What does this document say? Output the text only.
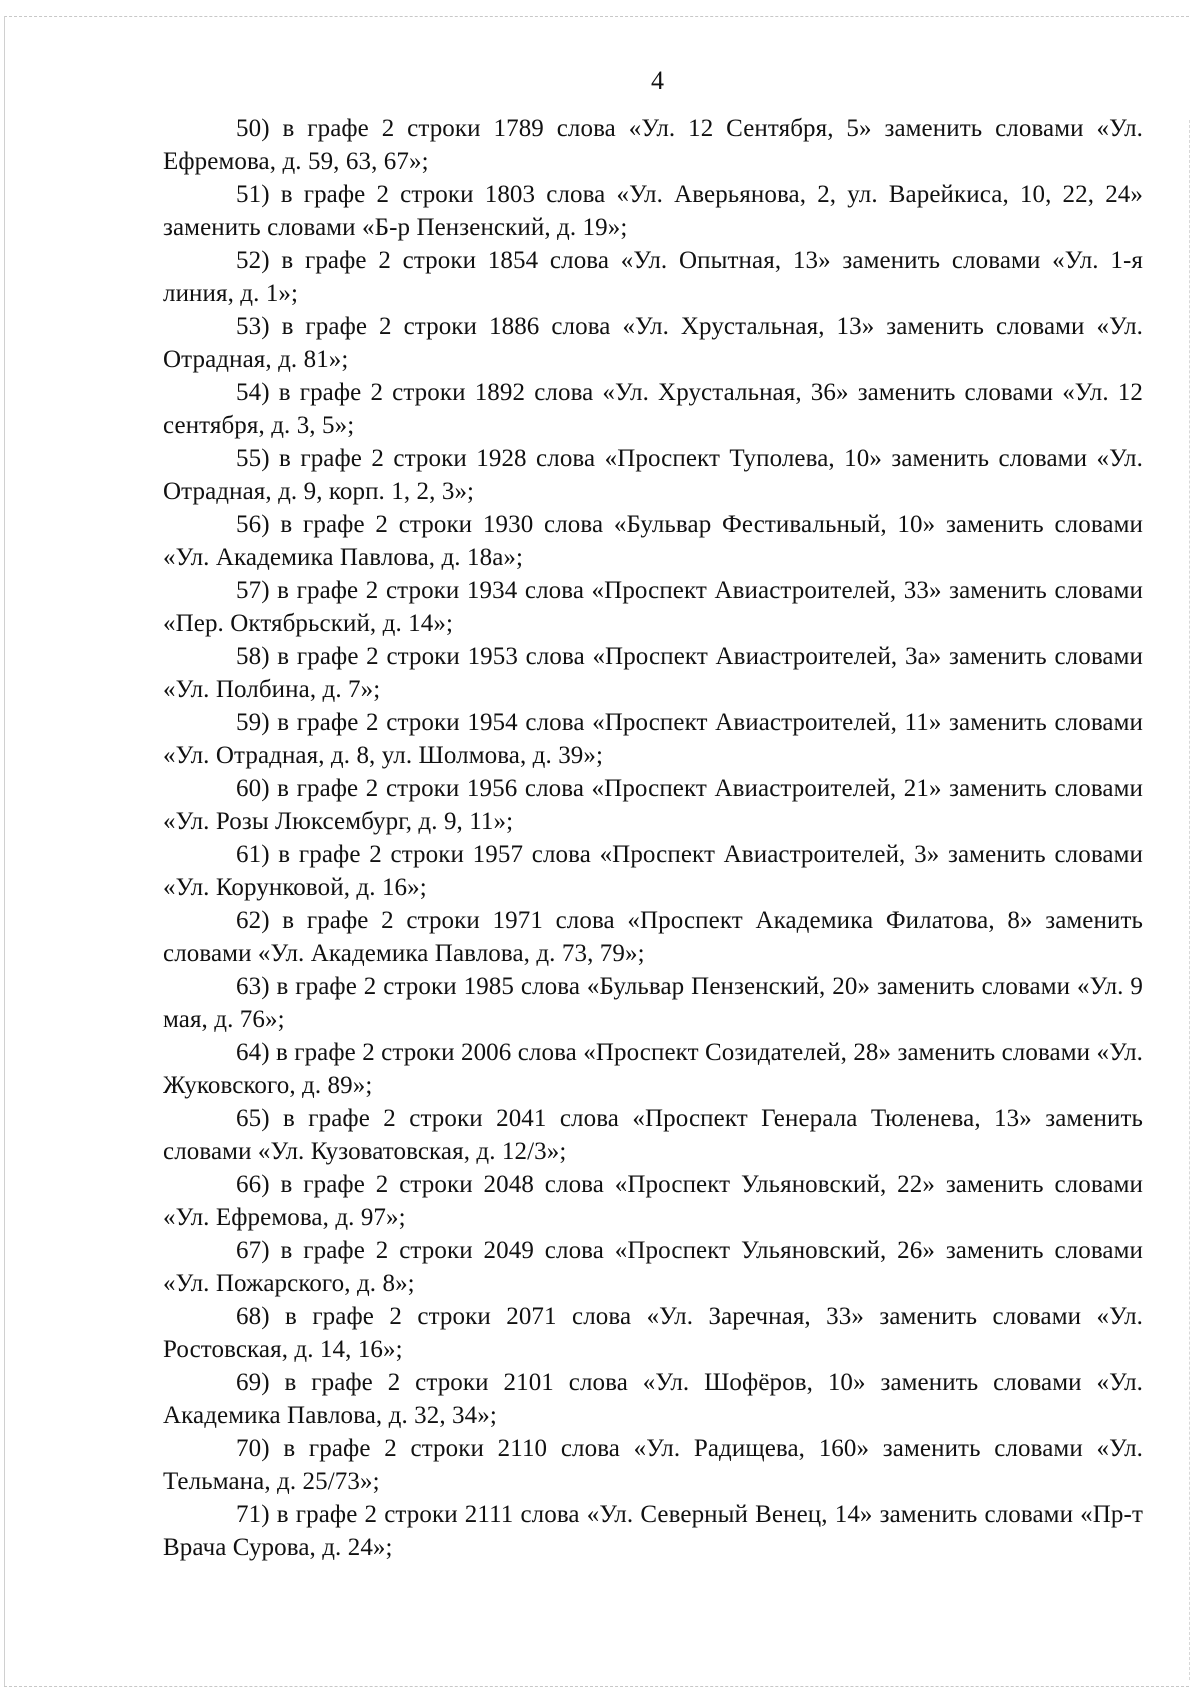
4

50) в графе 2 строки 1789 слова «Ул. 12 Сентября, 5» заменить словами «Ул. Ефремова, д. 59, 63, 67»;

51) в графе 2 строки 1803 слова «Ул. Аверьянова, 2, ул. Варейкиса, 10, 22, 24» заменить словами «Б-р Пензенский, д. 19»;

52) в графе 2 строки 1854 слова «Ул. Опытная, 13» заменить словами «Ул. 1-я линия, д. 1»;

53) в графе 2 строки 1886 слова «Ул. Хрустальная, 13» заменить словами «Ул. Отрадная, д. 81»;

54) в графе 2 строки 1892 слова «Ул. Хрустальная, 36» заменить словами «Ул. 12 сентября, д. 3, 5»;

55) в графе 2 строки 1928 слова «Проспект Туполева, 10» заменить словами «Ул. Отрадная, д. 9, корп. 1, 2, 3»;

56) в графе 2 строки 1930 слова «Бульвар Фестивальный, 10» заменить словами «Ул. Академика Павлова, д. 18а»;

57) в графе 2 строки 1934 слова «Проспект Авиастроителей, 33» заменить словами «Пер. Октябрьский, д. 14»;

58) в графе 2 строки 1953 слова «Проспект Авиастроителей, 3а» заменить словами «Ул. Полбина, д. 7»;

59) в графе 2 строки 1954 слова «Проспект Авиастроителей, 11» заменить словами «Ул. Отрадная, д. 8, ул. Шолмова, д. 39»;

60) в графе 2 строки 1956 слова «Проспект Авиастроителей, 21» заменить словами «Ул. Розы Люксембург, д. 9, 11»;

61) в графе 2 строки 1957 слова «Проспект Авиастроителей, 3» заменить словами «Ул. Корунковой, д. 16»;

62) в графе 2 строки 1971 слова «Проспект Академика Филатова, 8» заменить словами «Ул. Академика Павлова, д. 73, 79»;

63) в графе 2 строки 1985 слова «Бульвар Пензенский, 20» заменить словами «Ул. 9 мая, д. 76»;

64) в графе 2 строки 2006 слова «Проспект Созидателей, 28» заменить словами «Ул. Жуковского, д. 89»;

65) в графе 2 строки 2041 слова «Проспект Генерала Тюленева, 13» заменить словами «Ул. Кузоватовская, д. 12/3»;

66) в графе 2 строки 2048 слова «Проспект Ульяновский, 22» заменить словами «Ул. Ефремова, д. 97»;

67) в графе 2 строки 2049 слова «Проспект Ульяновский, 26» заменить словами «Ул. Пожарского, д. 8»;

68) в графе 2 строки 2071 слова «Ул. Заречная, 33» заменить словами «Ул. Ростовская, д. 14, 16»;

69) в графе 2 строки 2101 слова «Ул. Шофёров, 10» заменить словами «Ул. Академика Павлова, д. 32, 34»;

70) в графе 2 строки 2110 слова «Ул. Радищева, 160» заменить словами «Ул. Тельмана, д. 25/73»;

71) в графе 2 строки 2111 слова «Ул. Северный Венец, 14» заменить словами «Пр-т Врача Сурова, д. 24»;
